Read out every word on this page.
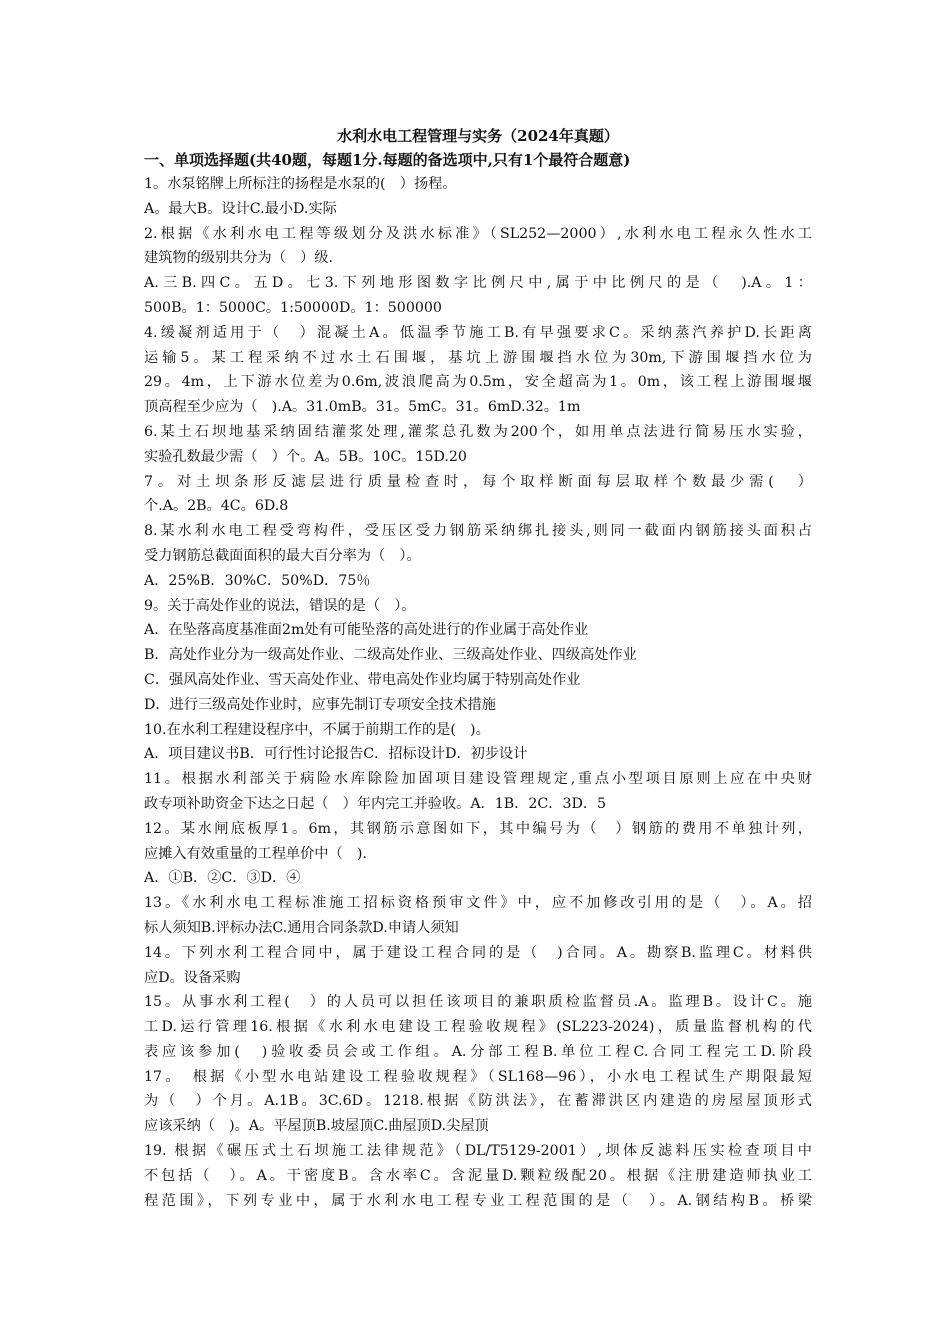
水利水电工程管理与实务（2024年真题）
一、单项选择题(共40题，每题1分.每题的备选项中,只有1个最符合题意)
1。水泵铭牌上所标注的扬程是水泵的(　）扬程。
A。最大B。设计C.最小D.实际
2.根据《水利水电工程等级划分及洪水标准》（SL252—2000）,水利水电工程永久性水工
建筑物的级别共分为（　）级.
A.三B.四C。五D。七3.下列地形图数字比例尺中,属于中比例尺的是（　).A。1：
500B。1：5000C。1:50000D。1：500000
4.缓凝剂适用于（　）混凝土A。低温季节施工B.有早强要求C。采纳蒸汽养护D.长距离
运输5。某工程采纳不过水土石围堰，基坑上游围堰挡水位为30m,下游围堰挡水位为
29。4m，上下游水位差为0.6m,波浪爬高为0.5m，安全超高为1。0m，该工程上游围堰堰
顶高程至少应为（　).A。31.0mB。31。5mC。31。6mD.32。1m
6.某土石坝地基采纳固结灌浆处理,灌浆总孔数为200个，如用单点法进行简易压水实验，
实验孔数最少需（　）个。A。5B。10C。15D.20
7。对土坝条形反滤层进行质量检查时，每个取样断面每层取样个数最少需(　）
个.A。2B。4C。6D.8
8.某水利水电工程受弯构件，受压区受力钢筋采纳绑扎接头,则同一截面内钢筋接头面积占
受力钢筋总截面面积的最大百分率为（　）。
A．25%B．30%C．50%D．75％
9。关于高处作业的说法，错误的是（　）。
A．在坠落高度基准面2m处有可能坠落的高处进行的作业属于高处作业
B．高处作业分为一级高处作业、二级高处作业、三级高处作业、四级高处作业
C．强风高处作业、雪天高处作业、带电高处作业均属于特别高处作业
D．进行三级高处作业时，应事先制订专项安全技术措施
10.在水利工程建设程序中，不属于前期工作的是(　)。
A．项目建议书B．可行性讨论报告C．招标设计D．初步设计
11。根据水利部关于病险水库除险加固项目建设管理规定,重点小型项目原则上应在中央财
政专项补助资金下达之日起（　）年内完工并验收。A．1B．2C．3D．5
12。某水闸底板厚1。6m，其钢筋示意图如下，其中编号为（　）钢筋的费用不单独计列，
应摊入有效重量的工程单价中（　).
A．①B．②C．③D．④
13。《水利水电工程标准施工招标资格预审文件》中，应不加修改引用的是（　）。A。招
标人须知B.评标办法C.通用合同条款D.申请人须知
14。下列水利工程合同中，属于建设工程合同的是（　)合同。A。勘察B.监理C。材料供
应D。设备采购
15。从事水利工程(　）的人员可以担任该项目的兼职质检监督员.A。监理B。设计C。施
工D.运行管理16.根据《水利水电建设工程验收规程》(SL223-2024)，质量监督机构的代
表应该参加(　)验收委员会或工作组。A.分部工程B.单位工程C.合同工程完工D.阶段
17。　根据《小型水电站建设工程验收规程》（SL168—96），小水电工程试生产期限最短
为（　）个月。A.1B。3C.6D。1218.根据《防洪法》，在蓄滞洪区内建造的房屋屋顶形式
应该采纳（　)。A。平屋顶B.坡屋顶C.曲屋顶D.尖屋顶
19. 根据《碾压式土石坝施工法律规范》（DL/T5129-2001）,坝体反滤料压实检查项目中
不包括（　）。A。干密度B。含水率C。含泥量D.颗粒级配20。根据《注册建造师执业工
程范围》，下列专业中，属于水利水电工程专业工程范围的是（　）。A.钢结构B。桥梁
